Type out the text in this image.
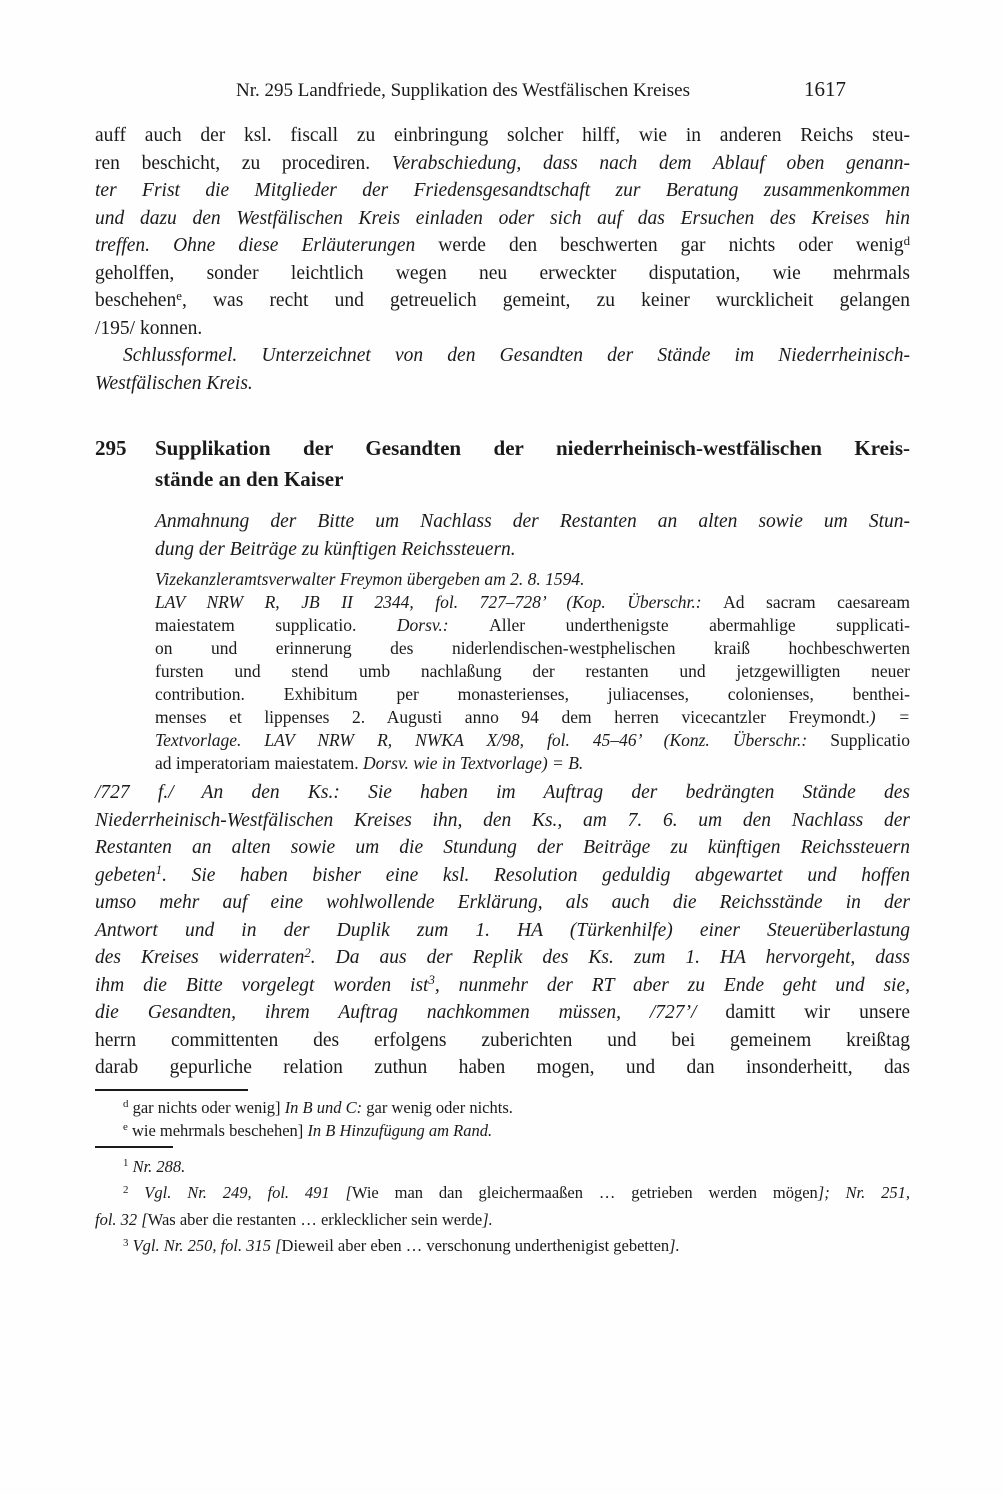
Nr. 295 Landfriede, Supplikation des Westfälischen Kreises	1617
auff auch der ksl. fiscall zu einbringung solcher hilff, wie in anderen Reichs steu-
ren beschicht, zu procediren. Verabschiedung, dass nach dem Ablauf oben genann-
ter Frist die Mitglieder der Friedensgesandtschaft zur Beratung zusammenkommen
und dazu den Westfälischen Kreis einladen oder sich auf das Ersuchen des Kreises hin
treffen. Ohne diese Erläuterungen werde den beschwerten gar nichts oder wenig$^d$
geholffen, sonder leichtlich wegen neu erweckter disputation, wie mehrmals
beschehen$^e$, was recht und getreuelich gemeint, zu keiner wurcklicheit gelangen
/195/ konnen.
Schlussformel. Unterzeichnet von den Gesandten der Stände im Niederrheinisch-
Westfälischen Kreis.
295	Supplikation der Gesandten der niederrheinisch-westfälischen Kreis-
stände an den Kaiser
Anmahnung der Bitte um Nachlass der Restanten an alten sowie um Stun-
dung der Beiträge zu künftigen Reichssteuern.
Vizekanzleramtsverwalter Freymon übergeben am 2. 8. 1594.
LAV NRW R, JB II 2344, fol. 727–728’ (Kop. Überschr.: Ad sacram caesaream
maiestatem supplicatio. Dorsv.: Aller underthenigste abermahlige supplicati-
on und erinnerung des niderlendischen-westphelischen kraiß hochbeschwerten
fursten und stend umb nachlaßung der restanten und jetzgewilligten neuer
contribution. Exhibitum per monasterienses, juliacenses, colonienses, benthei-
menses et lippenses 2. Augusti anno 94 dem herren vicecantzler Freymondt.) =
Textvorlage. LAV NRW R, NWKA X/98, fol. 45–46’ (Konz. Überschr.: Supplicatio
ad imperatoriam maiestatem. Dorsv. wie in Textvorlage) = B.
/727 f./ An den Ks.: Sie haben im Auftrag der bedrängten Stände des
Niederrheinisch-Westfälischen Kreises ihn, den Ks., am 7. 6. um den Nachlass der
Restanten an alten sowie um die Stundung der Beiträge zu künftigen Reichssteuern
gebeten$^1$. Sie haben bisher eine ksl. Resolution geduldig abgewartet und hoffen
umso mehr auf eine wohlwollende Erklärung, als auch die Reichsstände in der
Antwort und in der Duplik zum 1. HA (Türkenhilfe) einer Steuerüberlastung
des Kreises widerraten$^2$. Da aus der Replik des Ks. zum 1. HA hervorgeht, dass
ihm die Bitte vorgelegt worden ist$^3$, nunmehr der RT aber zu Ende geht und sie,
die Gesandten, ihrem Auftrag nachkommen müssen, /727’/ damitt wir unsere
herrn committenten des erfolgens zuberichten und bei gemeinem kreißtag
darab gepurliche relation zuthun haben mogen, und dan insonderheitt, das
$^d$ gar nichts oder wenig] In B und C: gar wenig oder nichts.
$^e$ wie mehrmals beschehen] In B Hinzufügung am Rand.
$^1$ Nr. 288.
$^2$ Vgl. Nr. 249, fol. 491 [Wie man dan gleichermaaßen … getrieben werden mögen]; Nr. 251,
fol. 32 [Was aber die restanten … erklecklicher sein werde].
$^3$ Vgl. Nr. 250, fol. 315 [Dieweil aber eben … verschonung underthenigist gebetten].
